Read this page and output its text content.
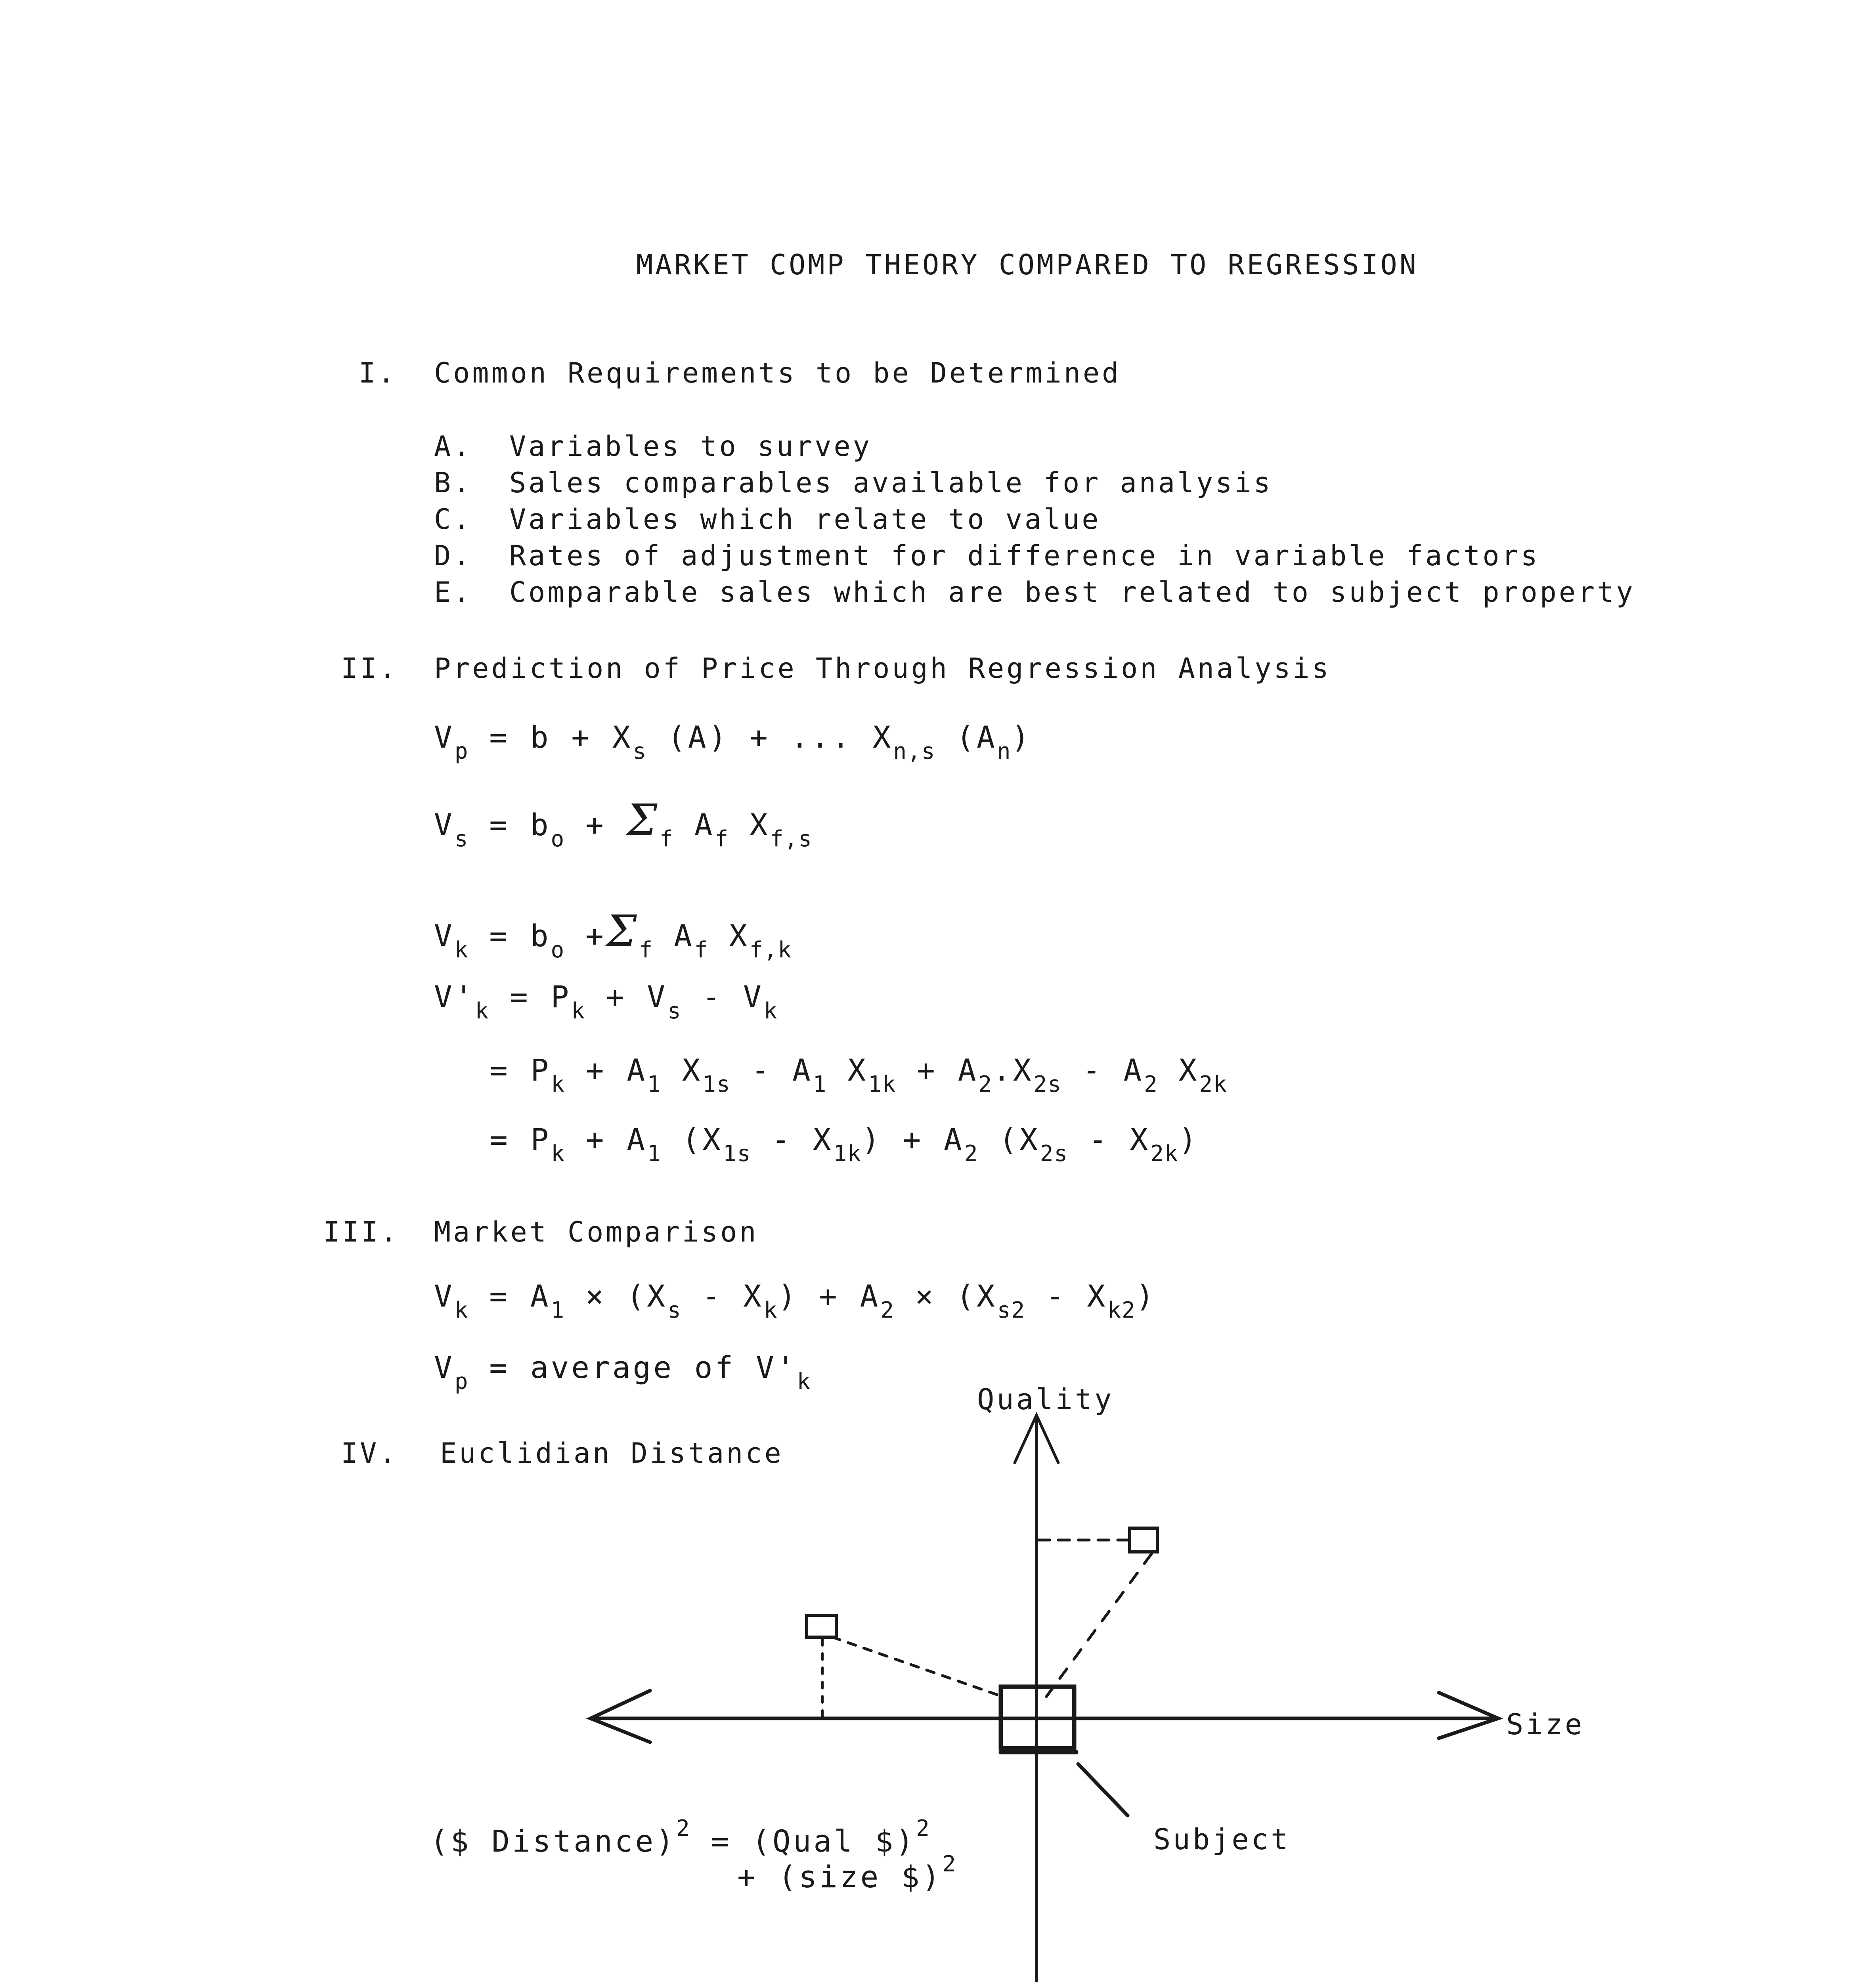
MARKET COMP THEORY COMPARED TO REGRESSION
I. Common Requirements to be Determined
A. Variables to survey
B. Sales comparables available for analysis
C. Variables which relate to value
D. Rates of adjustment for difference in variable factors
E. Comparable sales which are best related to subject property
II. Prediction of Price Through Regression Analysis
$V_p = b + X_s$ (A) + ... $X_{n,s}$ $(A_n)$
$V_s = b_o + \Sigma_f$ $A_f$ $X_{f,s}$
$V_k = b_o +\Sigma_f$ $A_f$ $X_{f,k}$
$V'_k = P_k + V_s - V_k$
= $P_k + A_1$ $X_{1s} - A_1$ $X_{1k} + A_2.X_{2s} - A_2$ $X_{2k}$
= $P_k + A_1$ $(X_{1s} - X_{1k}) + A_2$ $(X_{2s} - X_{2k})$
III. Market Comparison
$V_k = A_1 \times (X_s - X_k) + A_2 \times (X_{s2} - X_{k2})$
$V_p$ = average of $V'_k$
IV. Euclidian Distance
Quality
Size
Subject
($ Distance)$^2$ = (Qual $)$^2$
+ (size $)$^2$
